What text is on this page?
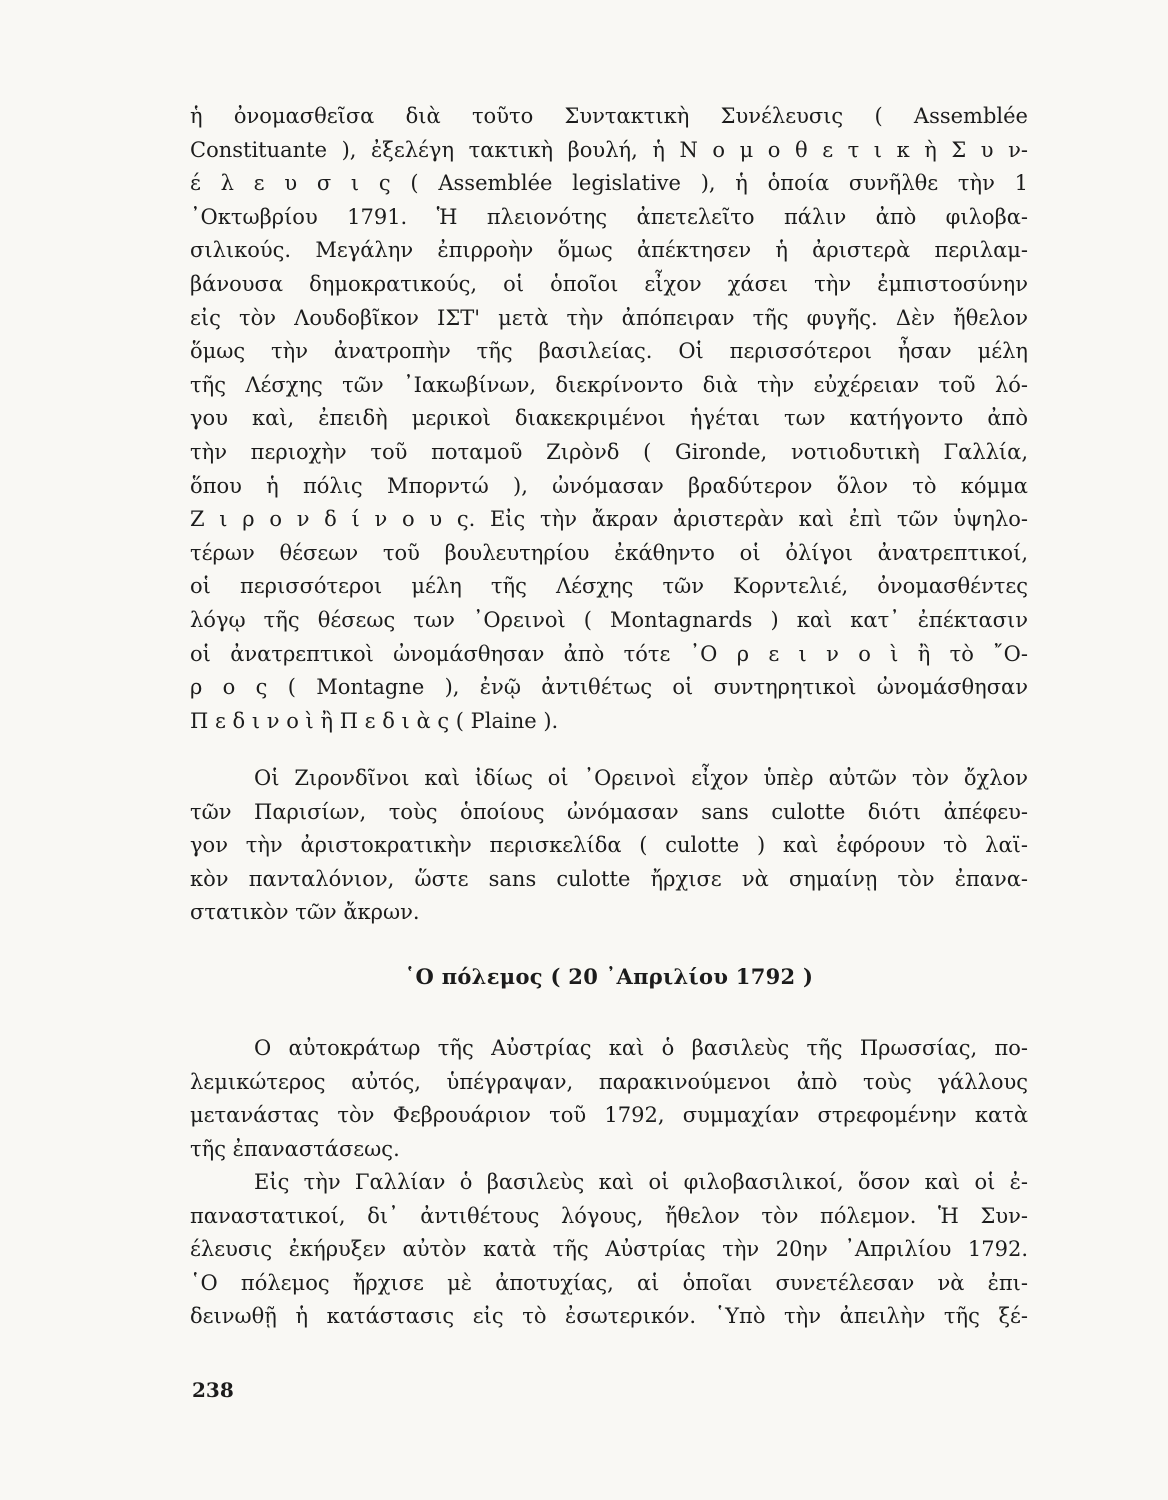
ἡ ὀνομασθεῖσα διὰ τοῦτο Συντακτικὴ Συνέλευσις ( Assemblée
Constituante ), ἐξελέγη τακτικὴ βουλή, ἡ Ν ο μ ο θ ε τ ι κ ὴ Σ υ ν-
έ λ ε υ σ ι ς ( Assemblée legislative ), ἡ ὁποία συνῆλθε τὴν 1
᾿Οκτωβρίου 1791. Ἡ πλειονότης ἀπετελεῖτο πάλιν ἀπὸ φιλοβα-
σιλικούς. Μεγάλην ἐπιρροὴν ὅμως ἀπέκτησεν ἡ ἀριστερὰ περιλαμ-
βάνουσα δημοκρατικούς, οἱ ὁποῖοι εἶχον χάσει τὴν ἐμπιστοσύνην
εἰς τὸν Λουδοβῖκον ΙΣΤ' μετὰ τὴν ἀπόπειραν τῆς φυγῆς. Δὲν ἤθελον
ὅμως τὴν ἀνατροπὴν τῆς βασιλείας. Οἱ περισσότεροι ἦσαν μέλη
τῆς Λέσχης τῶν ᾿Ιακωβίνων, διεκρίνοντο διὰ τὴν εὐχέρειαν τοῦ λό-
γου καὶ, ἐπειδὴ μερικοὶ διακεκριμένοι ἡγέται των κατήγοντο ἀπὸ
τὴν περιοχὴν τοῦ ποταμοῦ Ζιρὸνδ ( Gironde, νοτιοδυτικὴ Γαλλία,
ὅπου ἡ πόλις Μπορντώ ), ὠνόμασαν βραδύτερον ὅλον τὸ κόμμα
Ζ ι ρ ο ν δ ί ν ο υ ς. Εἰς τὴν ἄκραν ἀριστερὰν καὶ ἐπὶ τῶν ὑψηλο-
τέρων θέσεων τοῦ βουλευτηρίου ἐκάθηντο οἱ ὀλίγοι ἀνατρεπτικοί,
οἱ περισσότεροι μέλη τῆς Λέσχης τῶν Κορντελιέ, ὀνομασθέντες
λόγῳ τῆς θέσεως των ᾿Ορεινοὶ ( Montagnards ) καὶ κατ᾿ ἐπέκτασιν
οἱ ἀνατρεπτικοὶ ὠνομάσθησαν ἀπὸ τότε ᾿Ο ρ ε ι ν ο ὶ ἢ τὸ ῎Ο-
ρ ο ς ( Montagne ), ἐνῷ ἀντιθέτως οἱ συντηρητικοὶ ὠνομάσθησαν
Π ε δ ι ν ο ὶ ἢ Π ε δ ι ὰ ς ( Plaine ).
Οἱ Ζιρονδῖνοι καὶ ἰδίως οἱ ᾿Ορεινοὶ εἶχον ὑπὲρ αὐτῶν τὸν ὄχλον
τῶν Παρισίων, τοὺς ὁποίους ὠνόμασαν sans culotte διότι ἀπέφευ-
γον τὴν ἀριστοκρατικὴν περισκελίδα ( culotte ) καὶ ἐφόρουν τὸ λαϊ-
κὸν πανταλόνιον, ὥστε sans culotte ἤρχισε νὰ σημαίνῃ τὸν ἐπανα-
στατικὸν τῶν ἄκρων.
῾Ο πόλεμος ( 20 ᾿Απριλίου 1792 )
Ο αὐτοκράτωρ τῆς Αὐστρίας καὶ ὁ βασιλεὺς τῆς Πρωσσίας, πο-
λεμικώτερος αὐτός, ὑπέγραψαν, παρακινούμενοι ἀπὸ τοὺς γάλλους
μετανάστας τὸν Φεβρουάριον τοῦ 1792, συμμαχίαν στρεφομένην κατὰ
τῆς ἐπαναστάσεως.
Εἰς τὴν Γαλλίαν ὁ βασιλεὺς καὶ οἱ φιλοβασιλικοί, ὅσον καὶ οἱ ἐ-
παναστατικοί, δι᾿ ἀντιθέτους λόγους, ἤθελον τὸν πόλεμον. Ἡ Συν-
έλευσις ἐκήρυξεν αὐτὸν κατὰ τῆς Αὐστρίας τὴν 20ην ᾿Απριλίου 1792.
῾Ο πόλεμος ἤρχισε μὲ ἀποτυχίας, αἱ ὁποῖαι συνετέλεσαν νὰ ἐπι-
δεινωθῇ ἡ κατάστασις εἰς τὸ ἐσωτερικόν. ῾Υπὸ τὴν ἀπειλὴν τῆς ξέ-
238
